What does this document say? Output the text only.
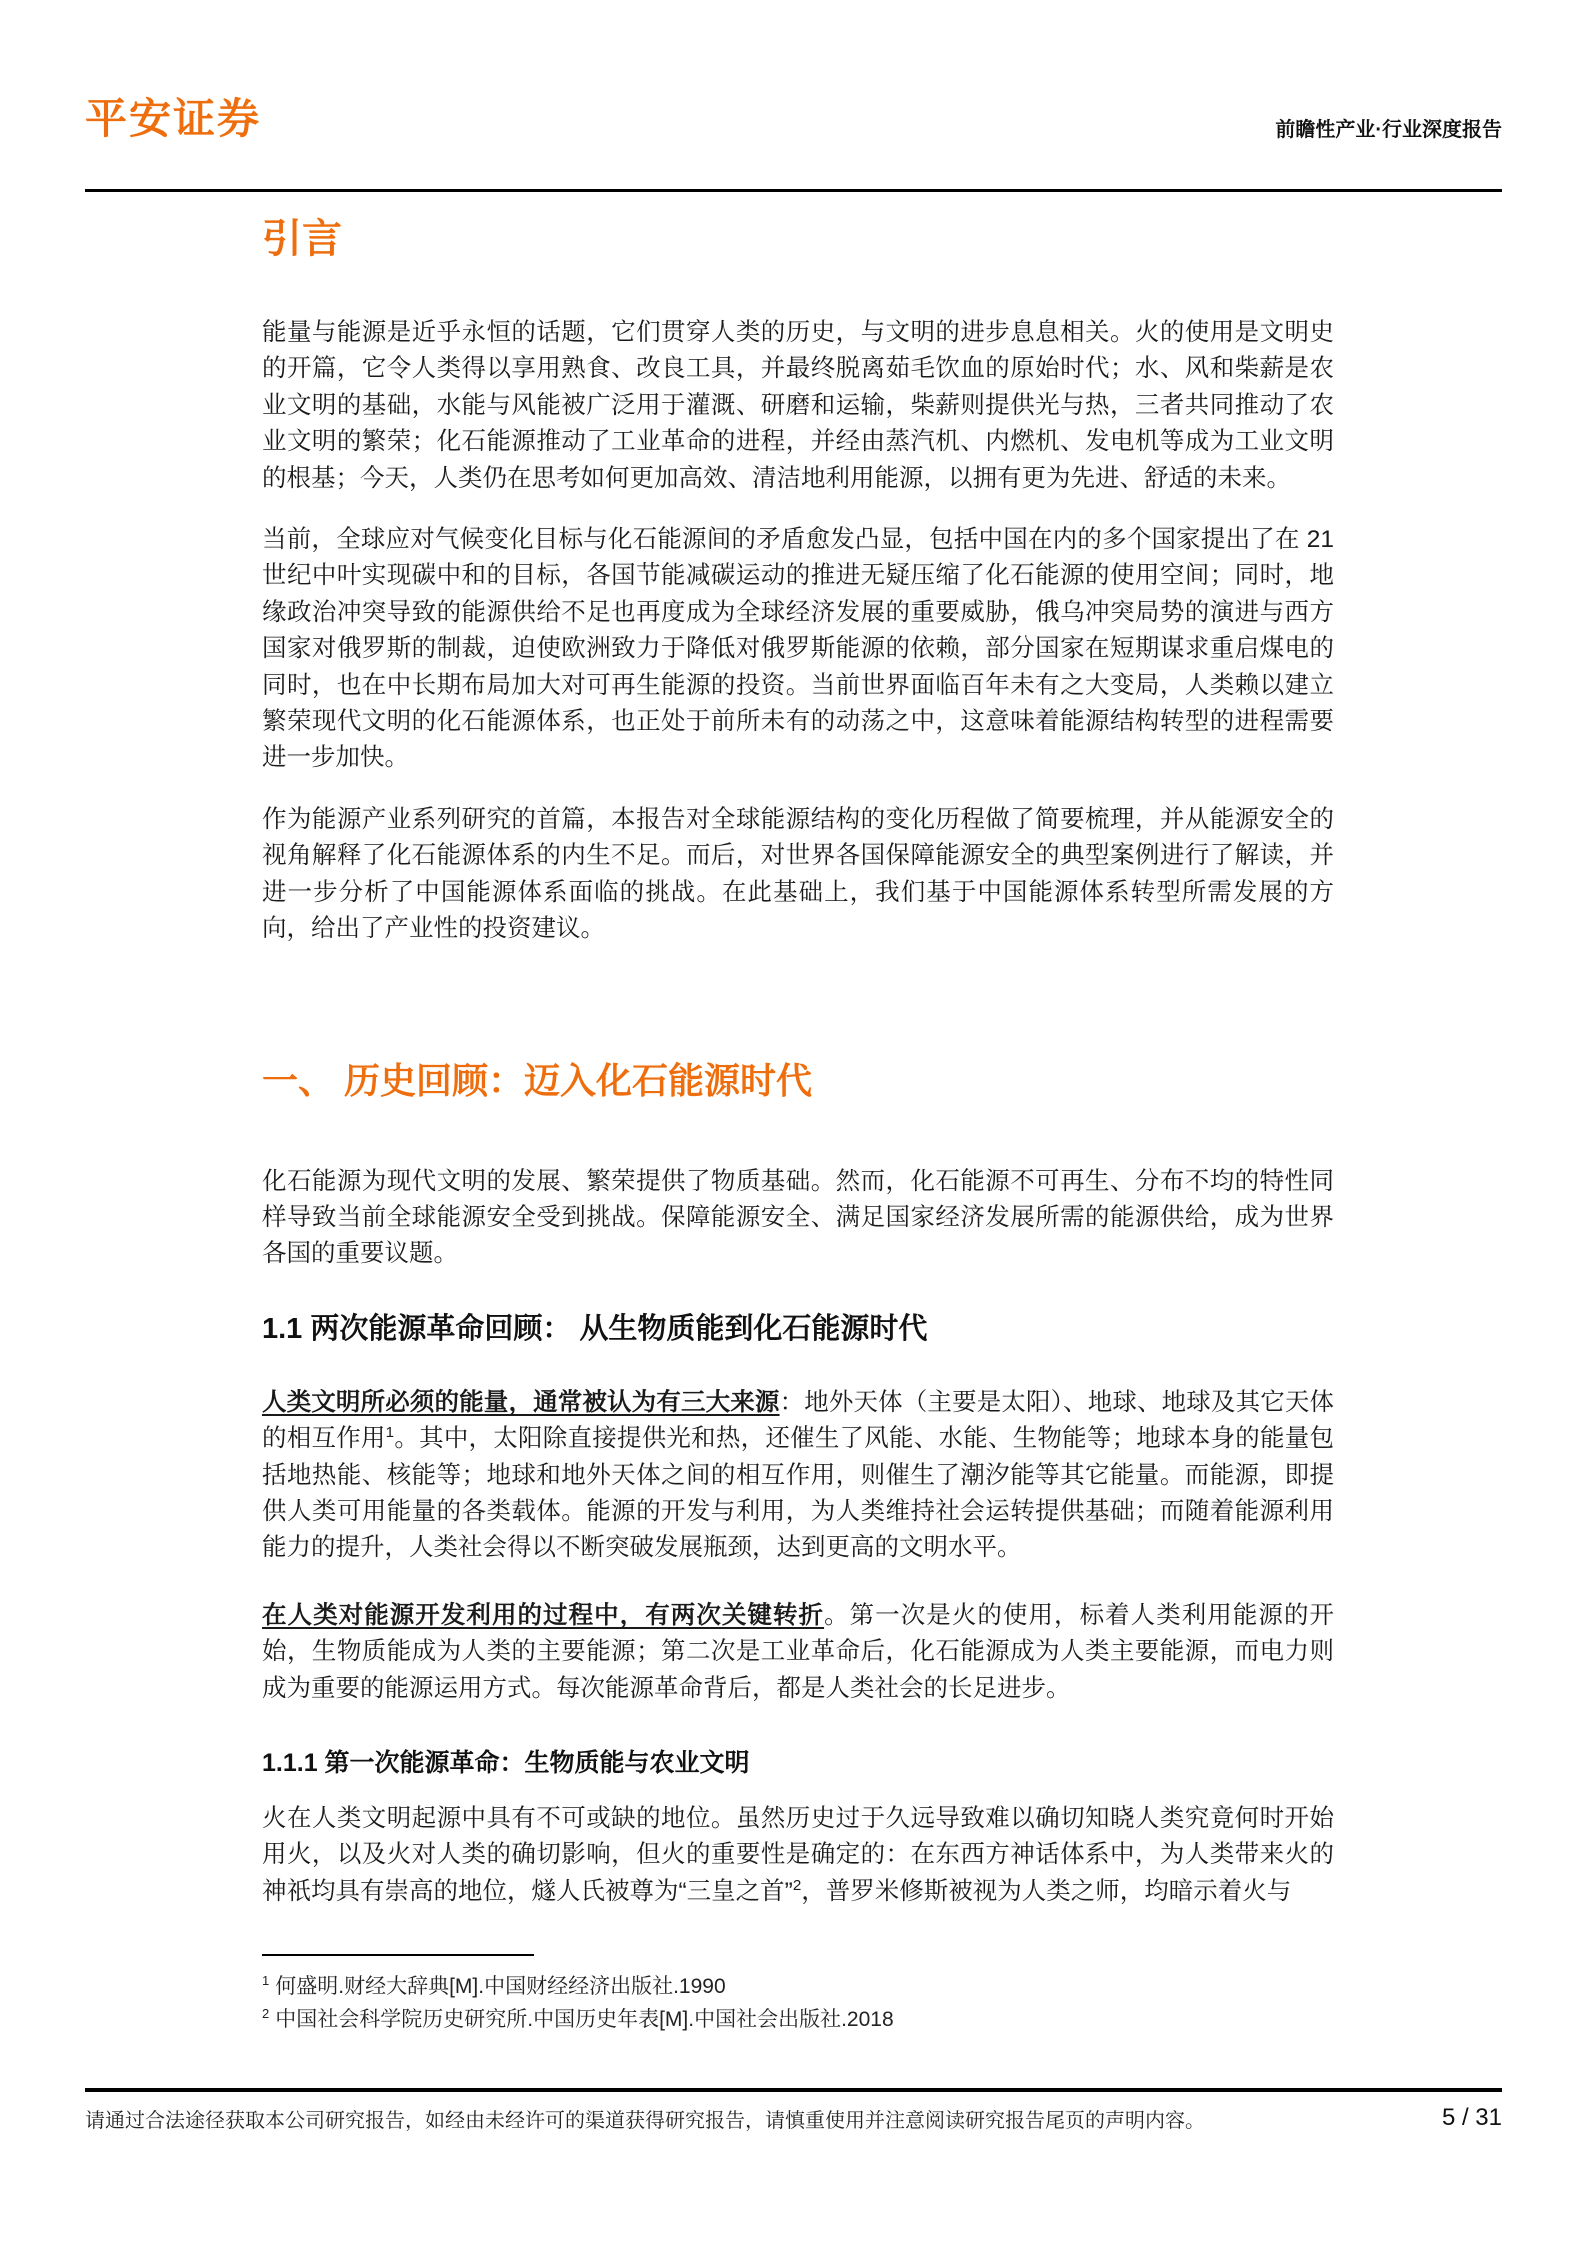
平安证券	前瞻性产业·行业深度报告
引言

能量与能源是近乎永恒的话题，它们贯穿人类的历史，与文明的进步息息相关。火的使用是文明史的开篇，它令人类得以享用熟食、改良工具，并最终脱离茹毛饮血的原始时代；水、风和柴薪是农业文明的基础，水能与风能被广泛用于灌溉、研磨和运输，柴薪则提供光与热，三者共同推动了农业文明的繁荣；化石能源推动了工业革命的进程，并经由蒸汽机、内燃机、发电机等成为工业文明的根基；今天，人类仍在思考如何更加高效、清洁地利用能源，以拥有更为先进、舒适的未来。

当前，全球应对气候变化目标与化石能源间的矛盾愈发凸显，包括中国在内的多个国家提出了在 21 世纪中叶实现碳中和的目标，各国节能减碳运动的推进无疑压缩了化石能源的使用空间；同时，地缘政治冲突导致的能源供给不足也再度成为全球经济发展的重要威胁，俄乌冲突局势的演进与西方国家对俄罗斯的制裁，迫使欧洲致力于降低对俄罗斯能源的依赖，部分国家在短期谋求重启煤电的同时，也在中长期布局加大对可再生能源的投资。当前世界面临百年未有之大变局，人类赖以建立繁荣现代文明的化石能源体系，也正处于前所未有的动荡之中，这意味着能源结构转型的进程需要进一步加快。

作为能源产业系列研究的首篇，本报告对全球能源结构的变化历程做了简要梳理，并从能源安全的视角解释了化石能源体系的内生不足。而后，对世界各国保障能源安全的典型案例进行了解读，并进一步分析了中国能源体系面临的挑战。在此基础上，我们基于中国能源体系转型所需发展的方向，给出了产业性的投资建议。

一、 历史回顾：迈入化石能源时代

化石能源为现代文明的发展、繁荣提供了物质基础。然而，化石能源不可再生、分布不均的特性同样导致当前全球能源安全受到挑战。保障能源安全、满足国家经济发展所需的能源供给，成为世界各国的重要议题。

1.1 两次能源革命回顾： 从生物质能到化石能源时代

人类文明所必须的能量，通常被认为有三大来源：地外天体（主要是太阳）、地球、地球及其它天体的相互作用$^1$。其中，太阳除直接提供光和热，还催生了风能、水能、生物能等；地球本身的能量包括地热能、核能等；地球和地外天体之间的相互作用，则催生了潮汐能等其它能量。而能源，即提供人类可用能量的各类载体。能源的开发与利用，为人类维持社会运转提供基础；而随着能源利用能力的提升，人类社会得以不断突破发展瓶颈，达到更高的文明水平。

在人类对能源开发利用的过程中，有两次关键转折。第一次是火的使用，标着人类利用能源的开始，生物质能成为人类的主要能源；第二次是工业革命后，化石能源成为人类主要能源，而电力则成为重要的能源运用方式。每次能源革命背后，都是人类社会的长足进步。

1.1.1 第一次能源革命：生物质能与农业文明

火在人类文明起源中具有不可或缺的地位。虽然历史过于久远导致难以确切知晓人类究竟何时开始用火，以及火对人类的确切影响，但火的重要性是确定的：在东西方神话体系中，为人类带来火的神祇均具有崇高的地位，燧人氏被尊为“三皇之首”$^2$，普罗米修斯被视为人类之师，均暗示着火与

$^1$ 何盛明.财经大辞典[M].中国财经经济出版社.1990
$^2$ 中国社会科学院历史研究所.中国历史年表[M].中国社会出版社.2018
请通过合法途径获取本公司研究报告，如经由未经许可的渠道获得研究报告，请慎重使用并注意阅读研究报告尾页的声明内容。	5 / 31
